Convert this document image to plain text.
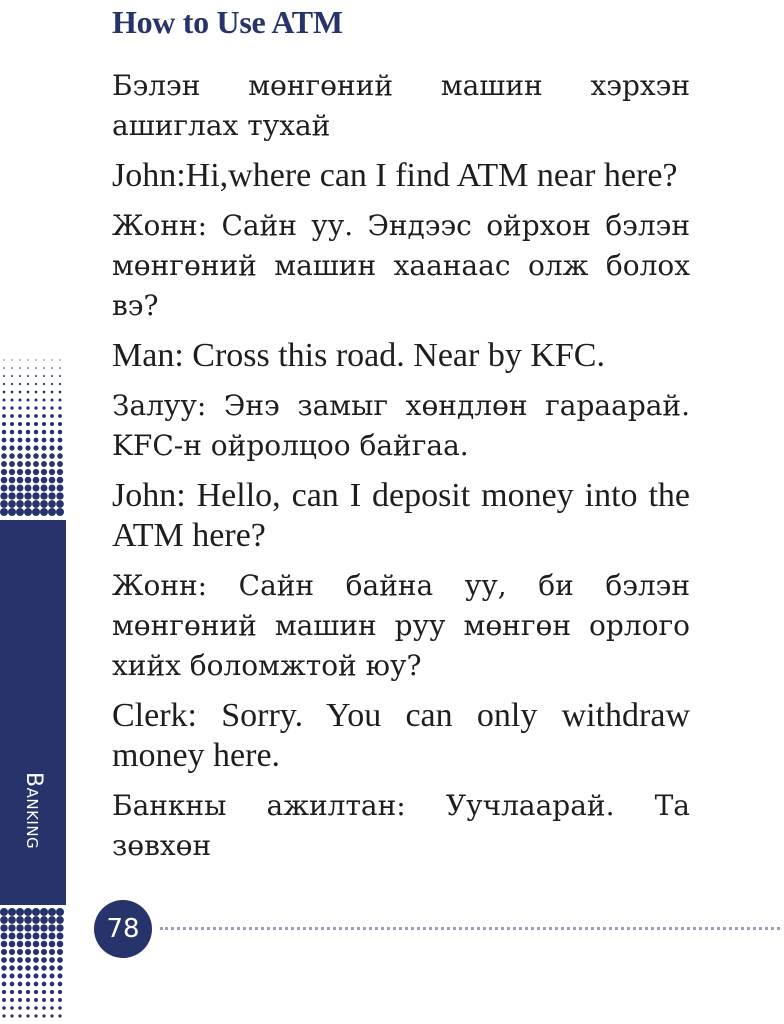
Banking
How to Use ATM

Бэлэн мөнгөний машин хэрхэн ашиглах тухай

John:Hi,where can I find ATM near here?

Жонн: Сайн уу. Эндээс ойрхон бэлэн мөнгөний машин хаанаас олж болох вэ?

Man: Cross this road. Near by KFC.

Залуу: Энэ замыг хөндлөн гараарай. KFC-н ойролцоо байгаа.

John: Hello, can I deposit money into the ATM here?

Жонн: Сайн байна уу, би бэлэн мөнгөний машин руу мөнгөн орлого хийх боломжтой юу?

Clerk: Sorry. You can only withdraw money here.

Банкны ажилтан: Уучлаарай. Та зөвхөн

78
